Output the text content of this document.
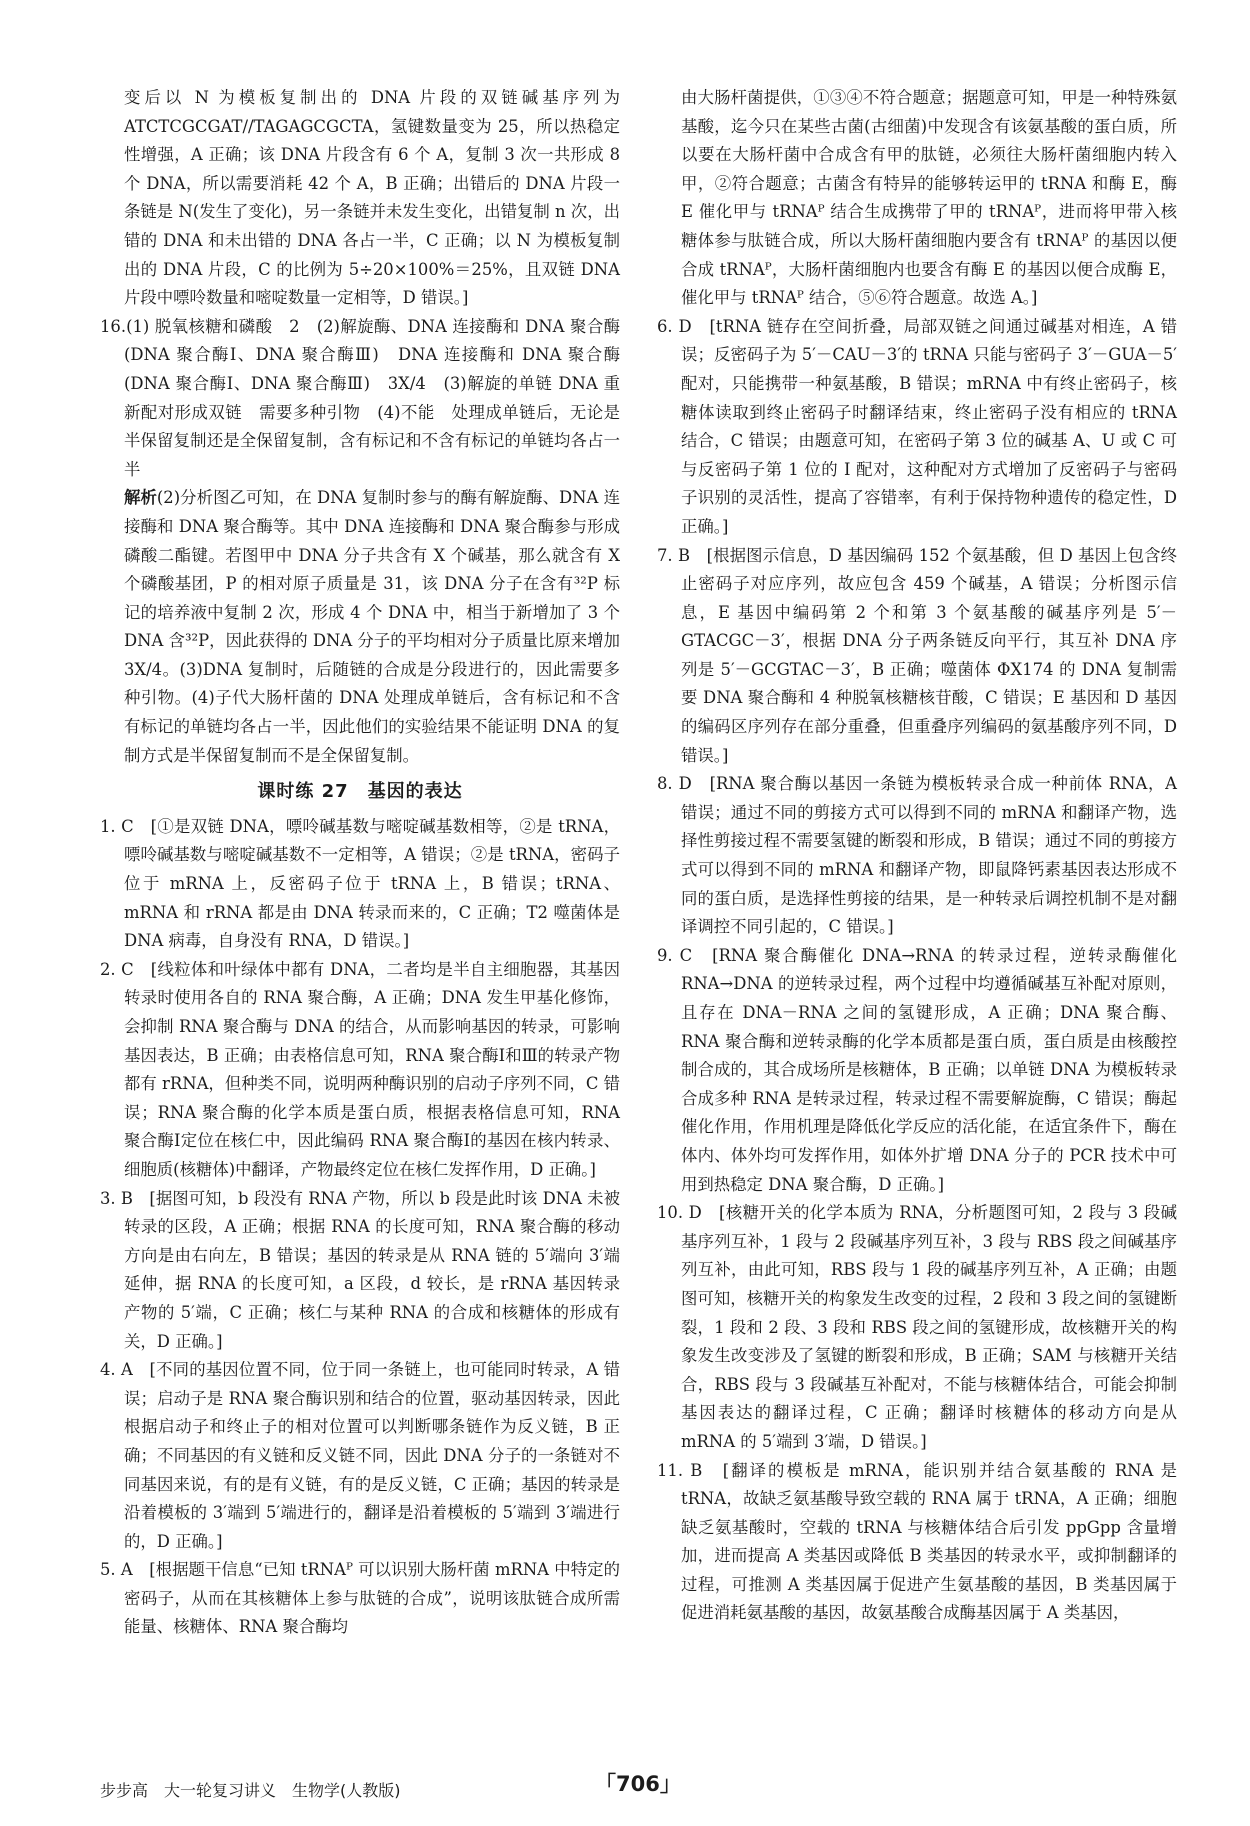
变后以 N 为模板复制出的 DNA 片段的双链碱基序列为 ATCTCGCGAT//TAGAGCGCTA，氢键数量变为 25，所以热稳定性增强，A 正确；该 DNA 片段含有 6 个 A，复制 3 次一共形成 8 个 DNA，所以需要消耗 42 个 A，B 正确；出错后的 DNA 片段一条链是 N(发生了变化)，另一条链并未发生变化，出错复制 n 次，出错的 DNA 和未出错的 DNA 各占一半，C 正确；以 N 为模板复制出的 DNA 片段，C 的比例为 5÷20×100%＝25%，且双链 DNA 片段中嘌呤数量和嘧啶数量一定相等，D 错误。]

16.(1) 脱氧核糖和磷酸　2　(2)解旋酶、DNA 连接酶和 DNA 聚合酶(DNA 聚合酶Ⅰ、DNA 聚合酶Ⅲ)　DNA 连接酶和 DNA 聚合酶(DNA 聚合酶Ⅰ、DNA 聚合酶Ⅲ)　3X/4　(3)解旋的单链 DNA 重新配对形成双链　需要多种引物　(4)不能　处理成单链后，无论是半保留复制还是全保留复制，含有标记和不含有标记的单链均各占一半

解析(2)分析图乙可知，在 DNA 复制时参与的酶有解旋酶、DNA 连接酶和 DNA 聚合酶等。其中 DNA 连接酶和 DNA 聚合酶参与形成磷酸二酯键。若图甲中 DNA 分子共含有 X 个碱基，那么就含有 X 个磷酸基团，P 的相对原子质量是 31，该 DNA 分子在含有³²P 标记的培养液中复制 2 次，形成 4 个 DNA 中，相当于新增加了 3 个 DNA 含³²P，因此获得的 DNA 分子的平均相对分子质量比原来增加 3X/4。(3)DNA 复制时，后随链的合成是分段进行的，因此需要多种引物。(4)子代大肠杆菌的 DNA 处理成单链后，含有标记和不含有标记的单链均各占一半，因此他们的实验结果不能证明 DNA 的复制方式是半保留复制而不是全保留复制。

课时练 27　基因的表达

1. C　[①是双链 DNA，嘌呤碱基数与嘧啶碱基数相等，②是 tRNA，嘌呤碱基数与嘧啶碱基数不一定相等，A 错误；②是 tRNA，密码子位于 mRNA 上，反密码子位于 tRNA 上，B 错误；tRNA、mRNA 和 rRNA 都是由 DNA 转录而来的，C 正确；T2 噬菌体是 DNA 病毒，自身没有 RNA，D 错误。]

2. C　[线粒体和叶绿体中都有 DNA，二者均是半自主细胞器，其基因转录时使用各自的 RNA 聚合酶，A 正确；DNA 发生甲基化修饰，会抑制 RNA 聚合酶与 DNA 的结合，从而影响基因的转录，可影响基因表达，B 正确；由表格信息可知，RNA 聚合酶Ⅰ和Ⅲ的转录产物都有 rRNA，但种类不同，说明两种酶识别的启动子序列不同，C 错误；RNA 聚合酶的化学本质是蛋白质，根据表格信息可知，RNA 聚合酶Ⅰ定位在核仁中，因此编码 RNA 聚合酶Ⅰ的基因在核内转录、细胞质(核糖体)中翻译，产物最终定位在核仁发挥作用，D 正确。]

3. B　[据图可知，b 段没有 RNA 产物，所以 b 段是此时该 DNA 未被转录的区段，A 正确；根据 RNA 的长度可知，RNA 聚合酶的移动方向是由右向左，B 错误；基因的转录是从 RNA 链的 5′端向 3′端延伸，据 RNA 的长度可知，a 区段，d 较长，是 rRNA 基因转录产物的 5′端，C 正确；核仁与某种 RNA 的合成和核糖体的形成有关，D 正确。]

4. A　[不同的基因位置不同，位于同一条链上，也可能同时转录，A 错误；启动子是 RNA 聚合酶识别和结合的位置，驱动基因转录，因此根据启动子和终止子的相对位置可以判断哪条链作为反义链，B 正确；不同基因的有义链和反义链不同，因此 DNA 分子的一条链对不同基因来说，有的是有义链，有的是反义链，C 正确；基因的转录是沿着模板的 3′端到 5′端进行的，翻译是沿着模板的 5′端到 3′端进行的，D 正确。]

5. A　[根据题干信息“已知 tRNAᴾ 可以识别大肠杆菌 mRNA 中特定的密码子，从而在其核糖体上参与肽链的合成”，说明该肽链合成所需能量、核糖体、RNA 聚合酶均

由大肠杆菌提供，①③④不符合题意；据题意可知，甲是一种特殊氨基酸，迄今只在某些古菌(古细菌)中发现含有该氨基酸的蛋白质，所以要在大肠杆菌中合成含有甲的肽链，必须往大肠杆菌细胞内转入甲，②符合题意；古菌含有特异的能够转运甲的 tRNA 和酶 E，酶 E 催化甲与 tRNAᴾ 结合生成携带了甲的 tRNAᴾ，进而将甲带入核糖体参与肽链合成，所以大肠杆菌细胞内要含有 tRNAᴾ 的基因以便合成 tRNAᴾ，大肠杆菌细胞内也要含有酶 E 的基因以便合成酶 E，催化甲与 tRNAᴾ 结合，⑤⑥符合题意。故选 A。]

6. D　[tRNA 链存在空间折叠，局部双链之间通过碱基对相连，A 错误；反密码子为 5′－CAU－3′的 tRNA 只能与密码子 3′－GUA－5′配对，只能携带一种氨基酸，B 错误；mRNA 中有终止密码子，核糖体读取到终止密码子时翻译结束，终止密码子没有相应的 tRNA 结合，C 错误；由题意可知，在密码子第 3 位的碱基 A、U 或 C 可与反密码子第 1 位的 I 配对，这种配对方式增加了反密码子与密码子识别的灵活性，提高了容错率，有利于保持物种遗传的稳定性，D 正确。]

7. B　[根据图示信息，D 基因编码 152 个氨基酸，但 D 基因上包含终止密码子对应序列，故应包含 459 个碱基，A 错误；分析图示信息，E 基因中编码第 2 个和第 3 个氨基酸的碱基序列是 5′－GTACGC－3′，根据 DNA 分子两条链反向平行，其互补 DNA 序列是 5′－GCGTAC－3′，B 正确；噬菌体 ΦX174 的 DNA 复制需要 DNA 聚合酶和 4 种脱氧核糖核苷酸，C 错误；E 基因和 D 基因的编码区序列存在部分重叠，但重叠序列编码的氨基酸序列不同，D 错误。]

8. D　[RNA 聚合酶以基因一条链为模板转录合成一种前体 RNA，A 错误；通过不同的剪接方式可以得到不同的 mRNA 和翻译产物，选择性剪接过程不需要氢键的断裂和形成，B 错误；通过不同的剪接方式可以得到不同的 mRNA 和翻译产物，即鼠降钙素基因表达形成不同的蛋白质，是选择性剪接的结果，是一种转录后调控机制不是对翻译调控不同引起的，C 错误。]

9. C　[RNA 聚合酶催化 DNA→RNA 的转录过程，逆转录酶催化 RNA→DNA 的逆转录过程，两个过程中均遵循碱基互补配对原则，且存在 DNA－RNA 之间的氢键形成，A 正确；DNA 聚合酶、RNA 聚合酶和逆转录酶的化学本质都是蛋白质，蛋白质是由核酸控制合成的，其合成场所是核糖体，B 正确；以单链 DNA 为模板转录合成多种 RNA 是转录过程，转录过程不需要解旋酶，C 错误；酶起催化作用，作用机理是降低化学反应的活化能，在适宜条件下，酶在体内、体外均可发挥作用，如体外扩增 DNA 分子的 PCR 技术中可用到热稳定 DNA 聚合酶，D 正确。]

10. D　[核糖开关的化学本质为 RNA，分析题图可知，2 段与 3 段碱基序列互补，1 段与 2 段碱基序列互补，3 段与 RBS 段之间碱基序列互补，由此可知，RBS 段与 1 段的碱基序列互补，A 正确；由题图可知，核糖开关的构象发生改变的过程，2 段和 3 段之间的氢键断裂，1 段和 2 段、3 段和 RBS 段之间的氢键形成，故核糖开关的构象发生改变涉及了氢键的断裂和形成，B 正确；SAM 与核糖开关结合，RBS 段与 3 段碱基互补配对，不能与核糖体结合，可能会抑制基因表达的翻译过程，C 正确；翻译时核糖体的移动方向是从 mRNA 的 5′端到 3′端，D 错误。]

11. B　[翻译的模板是 mRNA，能识别并结合氨基酸的 RNA 是 tRNA，故缺乏氨基酸导致空载的 RNA 属于 tRNA，A 正确；细胞缺乏氨基酸时，空载的 tRNA 与核糖体结合后引发 ppGpp 含量增加，进而提高 A 类基因或降低 B 类基因的转录水平，或抑制翻译的过程，可推测 A 类基因属于促进产生氨基酸的基因，B 类基因属于促进消耗氨基酸的基因，故氨基酸合成酶基因属于 A 类基因，

步步高　大一轮复习讲义　生物学(人教版)	「706」
